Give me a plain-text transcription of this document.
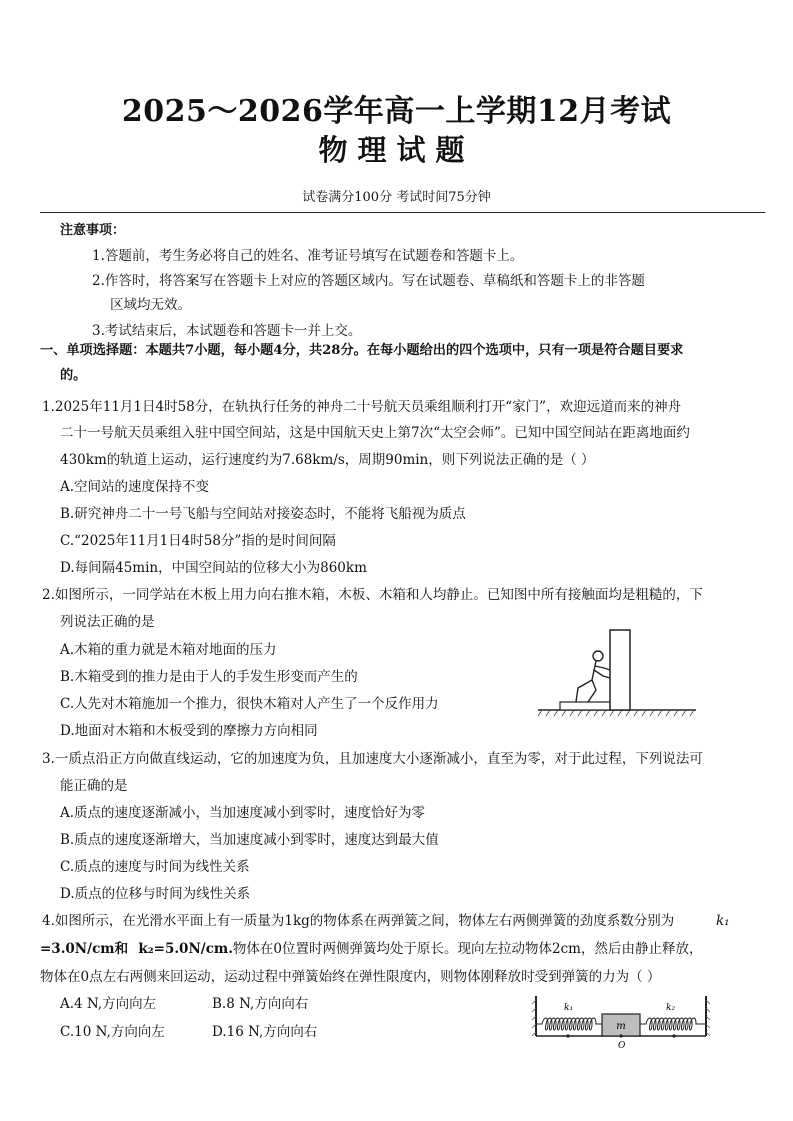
2025～2026学年高一上学期12月考试
物理试题
试卷满分100分 考试时间75分钟
注意事项：
1.答题前，考生务必将自己的姓名、准考证号填写在试题卷和答题卡上。
2.作答时，将答案写在答题卡上对应的答题区域内。写在试题卷、草稿纸和答题卡上的非答题
区域均无效。
3.考试结束后，本试题卷和答题卡一并上交。
一、单项选择题：本题共7小题，每小题4分，共28分。在每小题给出的四个选项中，只有一项是符合题目要求
的。
1.2025年11月1日4时58分，在轨执行任务的神舟二十号航天员乘组顺利打开“家门”，欢迎远道而来的神舟
二十一号航天员乘组入驻中国空间站，这是中国航天史上第7次“太空会师”。已知中国空间站在距离地面约
430km的轨道上运动，运行速度约为7.68km/s，周期90min，则下列说法正确的是（ ）
A.空间站的速度保持不变
B.研究神舟二十一号飞船与空间站对接姿态时，不能将飞船视为质点
C.“2025年11月1日4时58分”指的是时间间隔
D.每间隔45min，中国空间站的位移大小为860km
2.如图所示，一同学站在木板上用力向右推木箱，木板、木箱和人均静止。已知图中所有接触面均是粗糙的，下
列说法正确的是
A.木箱的重力就是木箱对地面的压力
B.木箱受到的推力是由于人的手发生形变而产生的
C.人先对木箱施加一个推力，很快木箱对人产生了一个反作用力
D.地面对木箱和木板受到的摩擦力方向相同
3.一质点沿正方向做直线运动，它的加速度为负，且加速度大小逐渐减小，直至为零，对于此过程，下列说法可
能正确的是
A.质点的速度逐渐减小，当加速度减小到零时，速度恰好为零
B.质点的速度逐渐增大，当加速度减小到零时，速度达到最大值
C.质点的速度与时间为线性关系
D.质点的位移与时间为线性关系
4.如图所示，在光滑水平面上有一质量为1kg的物体系在两弹簧之间，物体左右两侧弹簧的劲度系数分别为	k₁
=3.0N/cm和 k₂=5.0N/cm.物体在0位置时两侧弹簧均处于原长。现向左拉动物体2cm，然后由静止释放，
物体在0点左右两侧来回运动，运动过程中弹簧始终在弹性限度内，则物体刚释放时受到弹簧的力为（ ）
A.4 N,方向向左	B.8 N,方向向右
C.10 N,方向向左	D.16 N,方向向右	m
k₁	k₂
O
